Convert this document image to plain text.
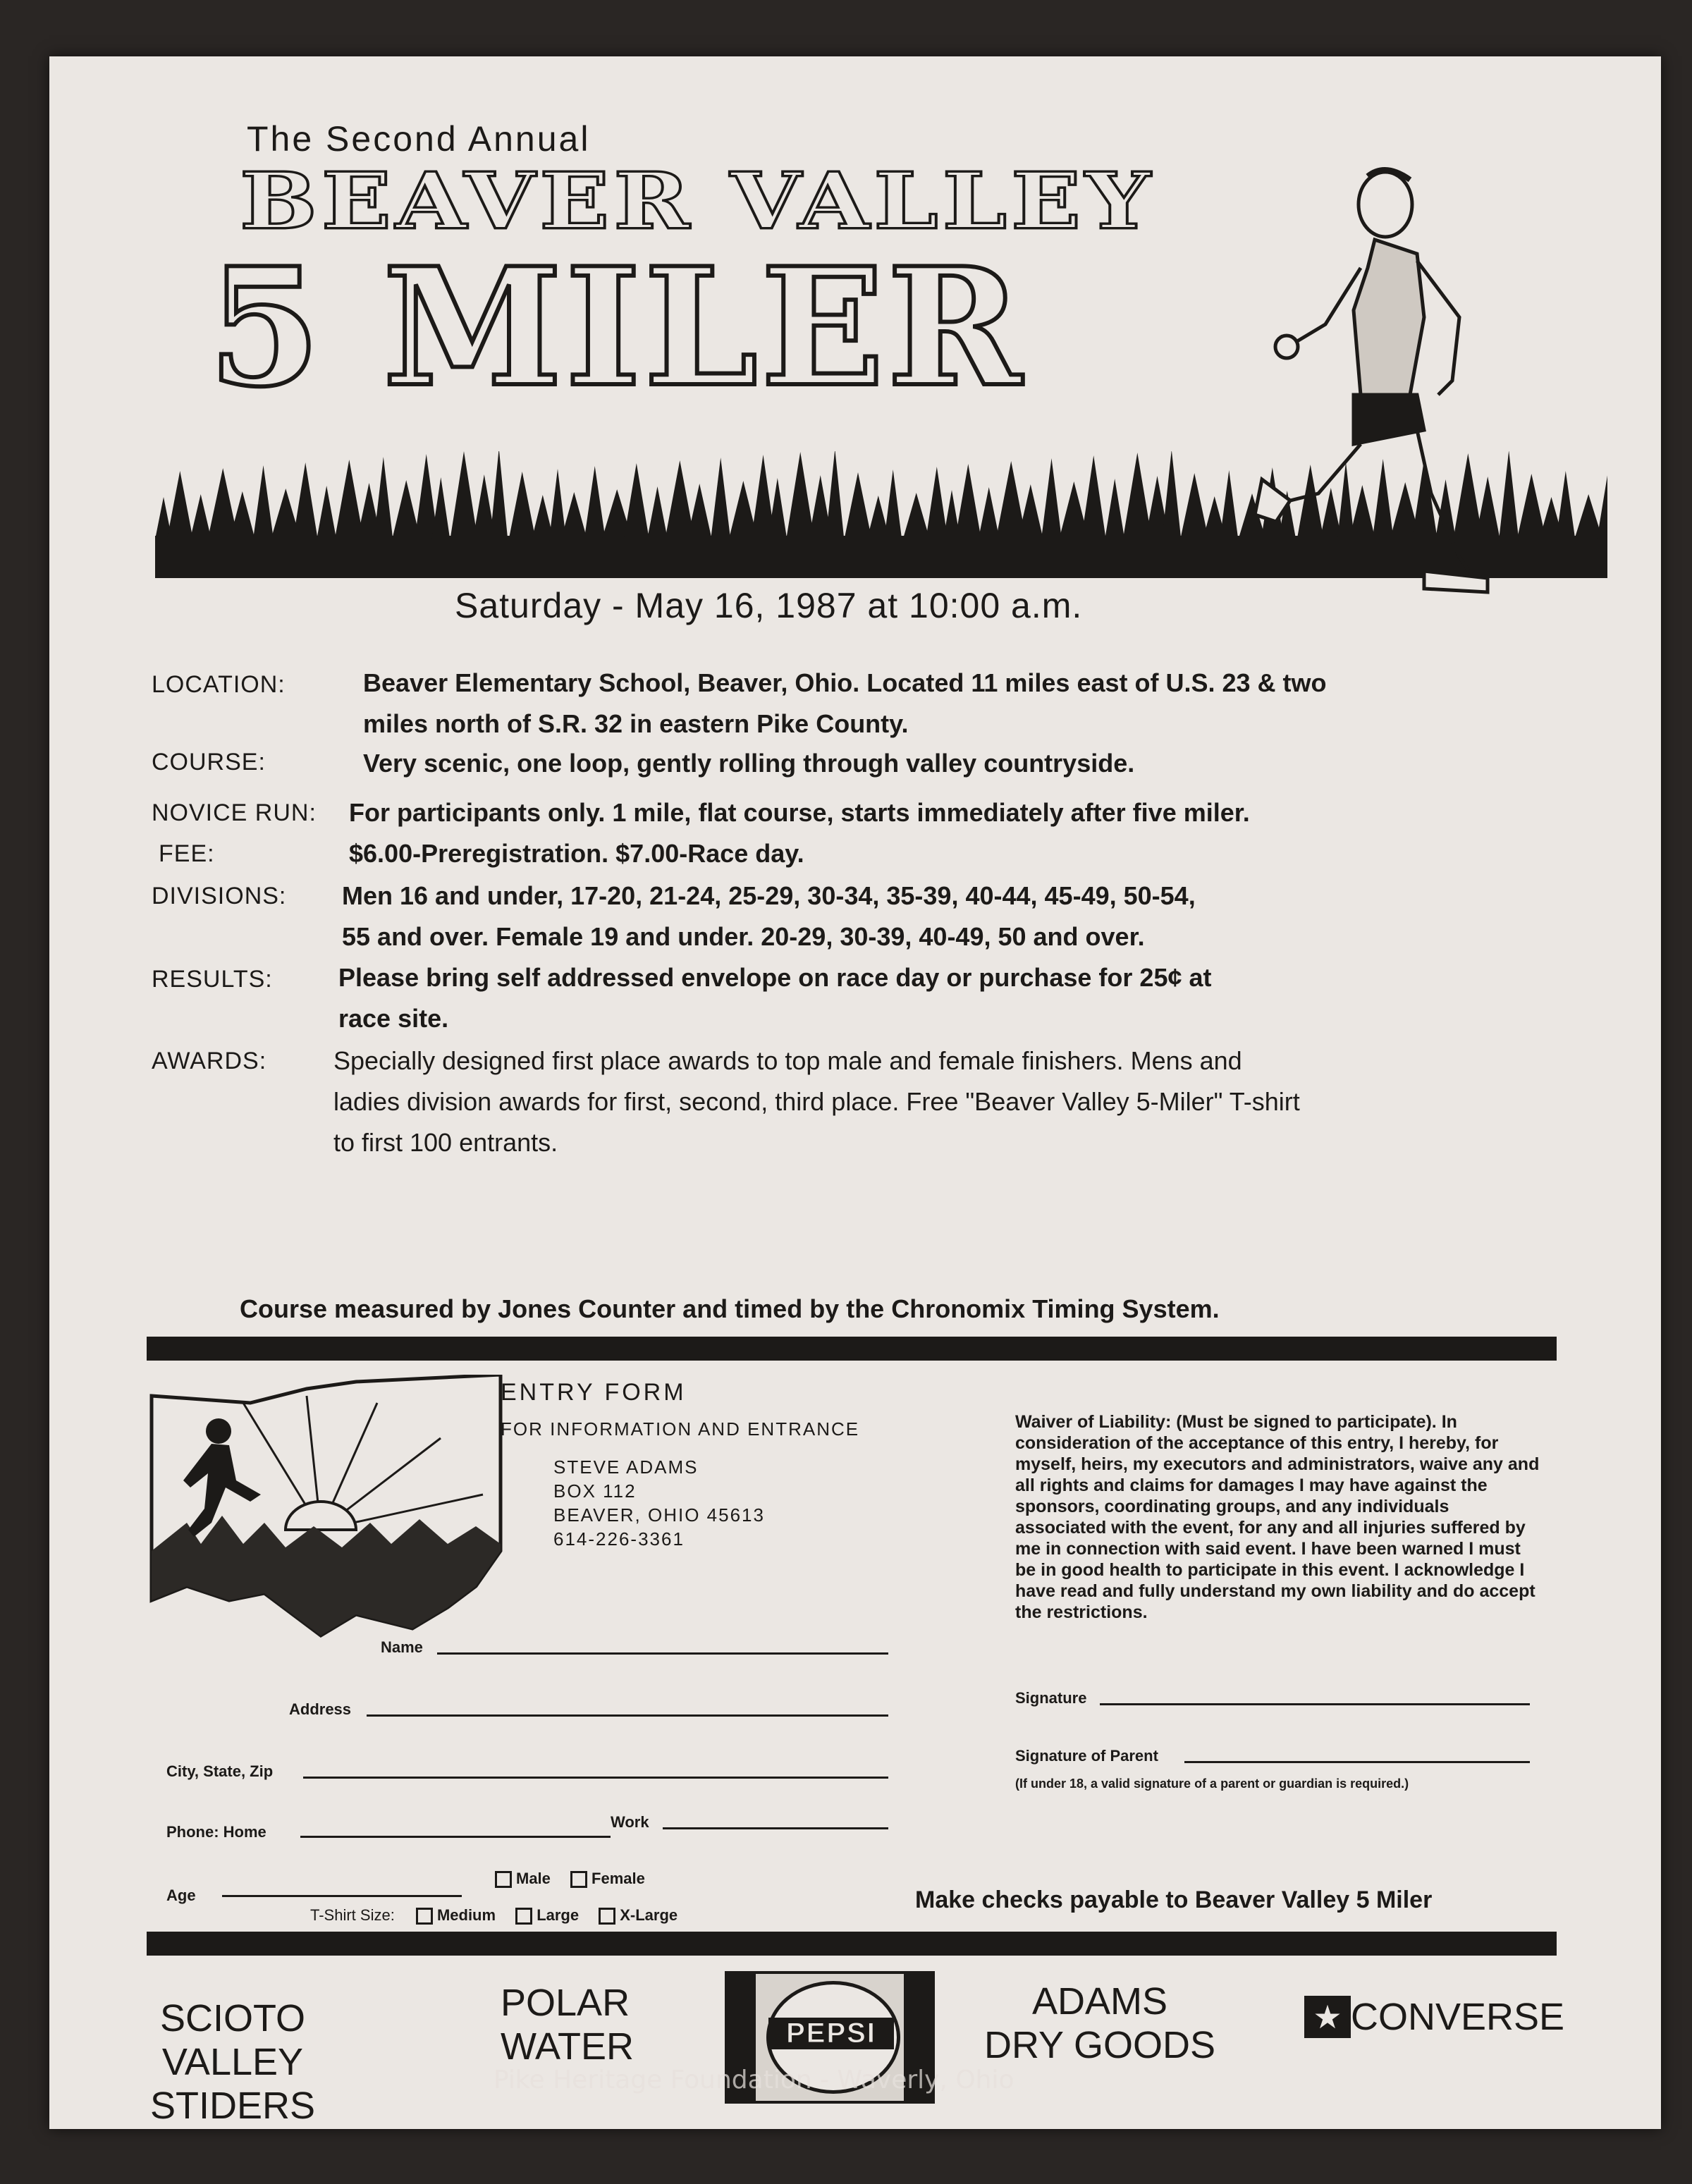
The Second Annual
BEAVER VALLEY
5 MILER
Saturday - May 16, 1987 at 10:00 a.m.
LOCATION:	Beaver Elementary School, Beaver, Ohio. Located 11 miles east of U.S. 23 & two
miles north of S.R. 32 in eastern Pike County.
COURSE:	Very scenic, one loop, gently rolling through valley countryside.
NOVICE RUN: For participants only. 1 mile, flat course, starts immediately after five miler.
FEE:	$6.00-Preregistration. $7.00-Race day.
DIVISIONS: Men 16 and under, 17-20, 21-24, 25-29, 30-34, 35-39, 40-44, 45-49, 50-54,
55 and over. Female 19 and under. 20-29, 30-39, 40-49, 50 and over.
RESULTS:	Please bring self addressed envelope on race day or purchase for 25¢ at
race site.
AWARDS:	Specially designed first place awards to top male and female finishers. Mens and
ladies division awards for first, second, third place. Free "Beaver Valley 5-Miler" T-shirt
to first 100 entrants.
Course measured by Jones Counter and timed by the Chronomix Timing System.
ENTRY FORM
FOR INFORMATION AND ENTRANCE
STEVE ADAMS
BOX 112
BEAVER, OHIO 45613
614-226-3361
Waiver of Liability: (Must be signed to participate). In consideration of the acceptance of this entry, I hereby, for myself, heirs, my executors and administrators, waive any and all rights and claims for damages I may have against the sponsors, coordinating groups, and any individuals associated with the event, for any and all injuries suffered by me in connection with said event. I have been warned I must be in good health to participate in this event. I acknowledge I have read and fully understand my own liability and do accept the restrictions.
Name
Address
City, State, Zip
Phone: Home
Work
Age
Male	Female
T-Shirt Size:	Medium	Large	X-Large
Signature
Signature of Parent
(If under 18, a valid signature of a parent or guardian is required.)
Make checks payable to Beaver Valley 5 Miler
SCIOTO
VALLEY STIDERS
POLAR
WATER	PEPSI
ADAMS
DRY GOODS
★ CONVERSE
Pike Heritage Foundation - Waverly, Ohio
